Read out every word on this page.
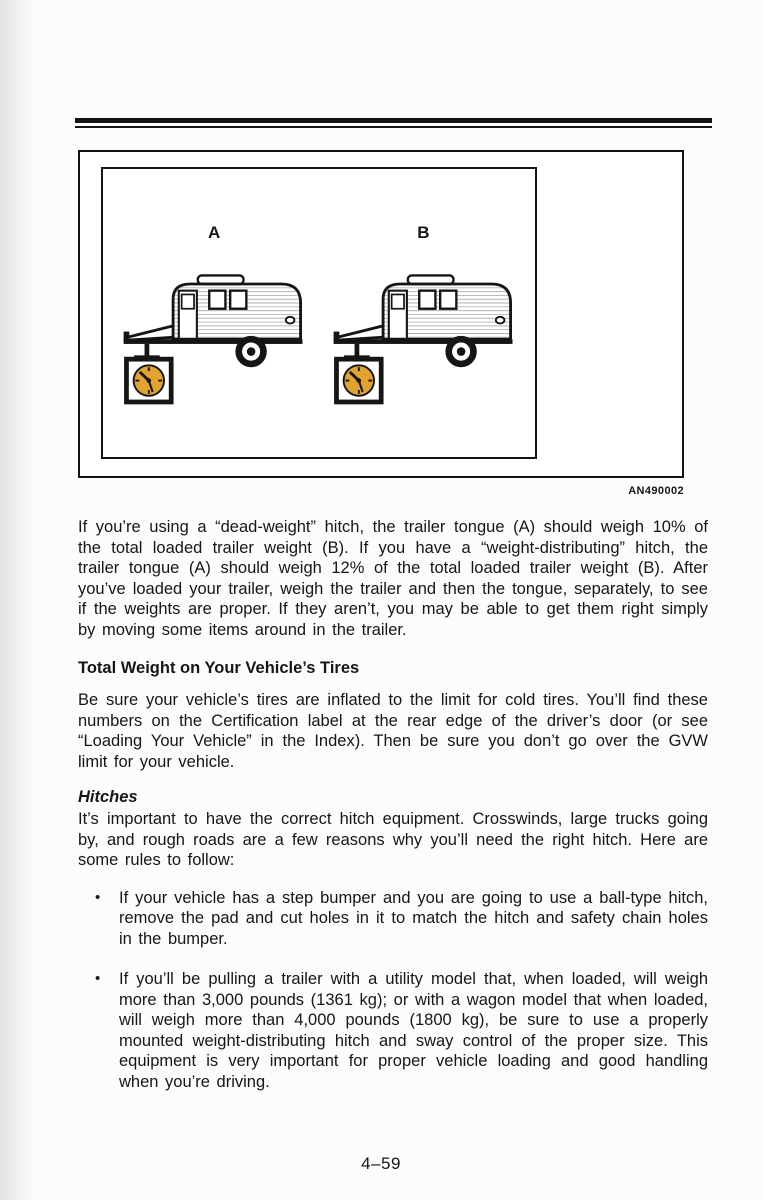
A	B
AN490002

If you’re using a “dead-weight” hitch, the trailer tongue (A) should weigh 10% of the total loaded trailer weight (B). If you have a “weight-distributing” hitch, the trailer tongue (A) should weigh 12% of the total loaded trailer weight (B). After you’ve loaded your trailer, weigh the trailer and then the tongue, separately, to see if the weights are proper. If they aren’t, you may be able to get them right simply by moving some items around in the trailer.

Total Weight on Your Vehicle’s Tires

Be sure your vehicle’s tires are inflated to the limit for cold tires. You’ll find these numbers on the Certification label at the rear edge of the driver’s door (or see “Loading Your Vehicle” in the Index). Then be sure you don’t go over the GVW limit for your vehicle.

Hitches

It’s important to have the correct hitch equipment. Crosswinds, large trucks going by, and rough roads are a few reasons why you’ll need the right hitch. Here are some rules to follow:

•	If your vehicle has a step bumper and you are going to use a ball-type hitch, remove the pad and cut holes in it to match the hitch and safety chain holes in the bumper.
•	If you’ll be pulling a trailer with a utility model that, when loaded, will weigh more than 3,000 pounds (1361 kg); or with a wagon model that when loaded, will weigh more than 4,000 pounds (1800 kg), be sure to use a properly mounted weight-distributing hitch and sway control of the proper size. This equipment is very important for proper vehicle loading and good handling when you’re driving.
4–59
